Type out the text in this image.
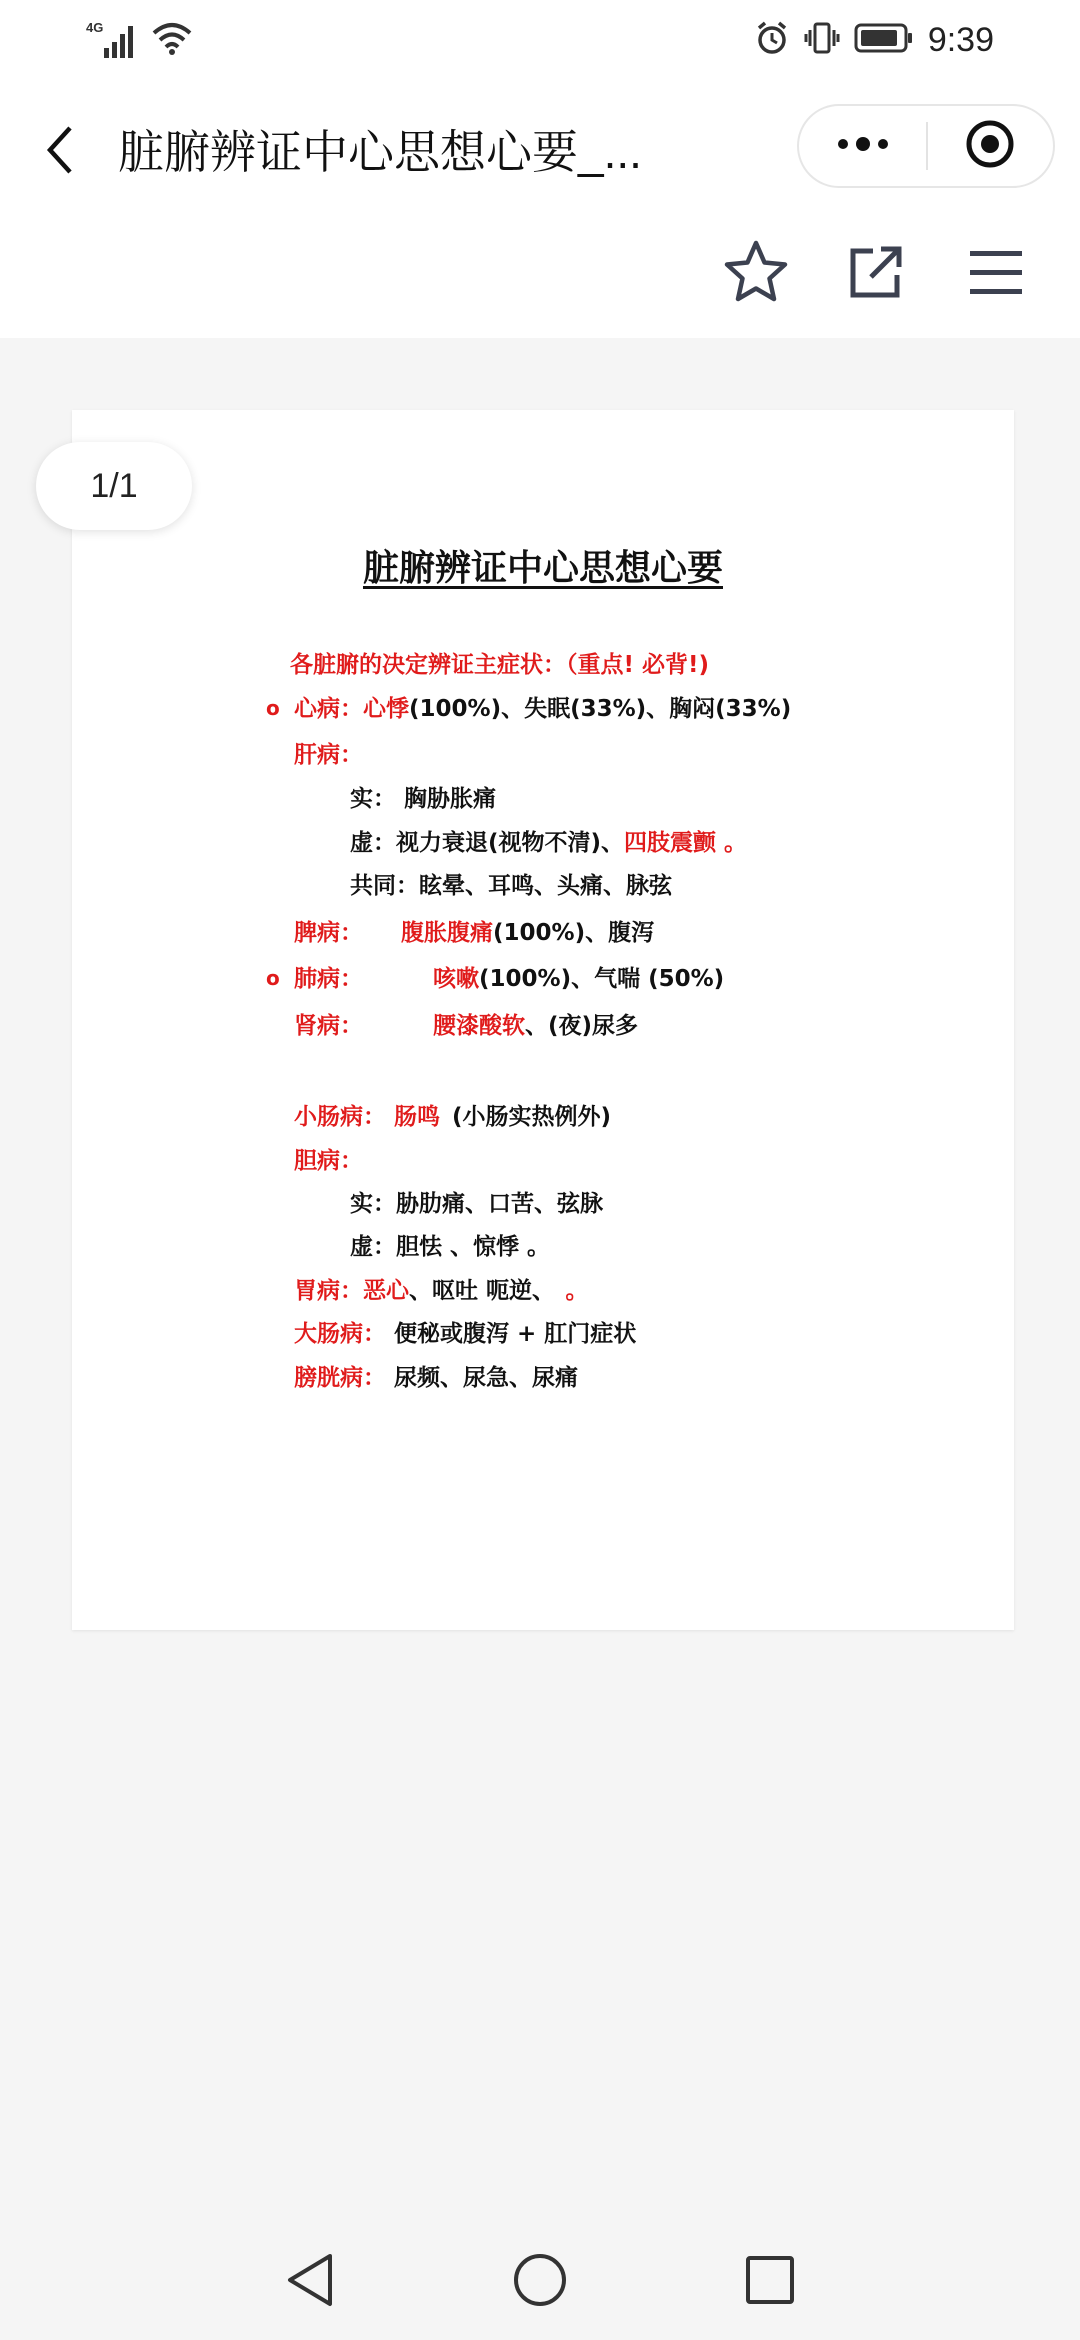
4G	9:39
脏腑辨证中心思想心要_...
脏腑辨证中心思想心要
各脏腑的决定辨证主症状：（重点! 必背!)
o 心病：心悸(100%)、失眠(33%)、胸闷(33%)
肝病：
实： 胸胁胀痛
虚：视力衰退(视物不清)、四肢震颤 。
共同：眩晕、耳鸣、头痛、脉弦
脾病： 腹胀腹痛(100%)、腹泻
o 肺病：	咳嗽(100%)、气喘 (50%)
肾病：	腰漆酸软、(夜)尿多
小肠病： 肠鸣 (小肠实热例外)
胆病：
实：胁肋痛、口苦、弦脉
虚：胆怯 、惊悸 。
胃病：恶心、呕吐 呃逆、 。
大肠病： 便秘或腹泻 + 肛门症状
膀胱病： 尿频、尿急、尿痛
1/1
